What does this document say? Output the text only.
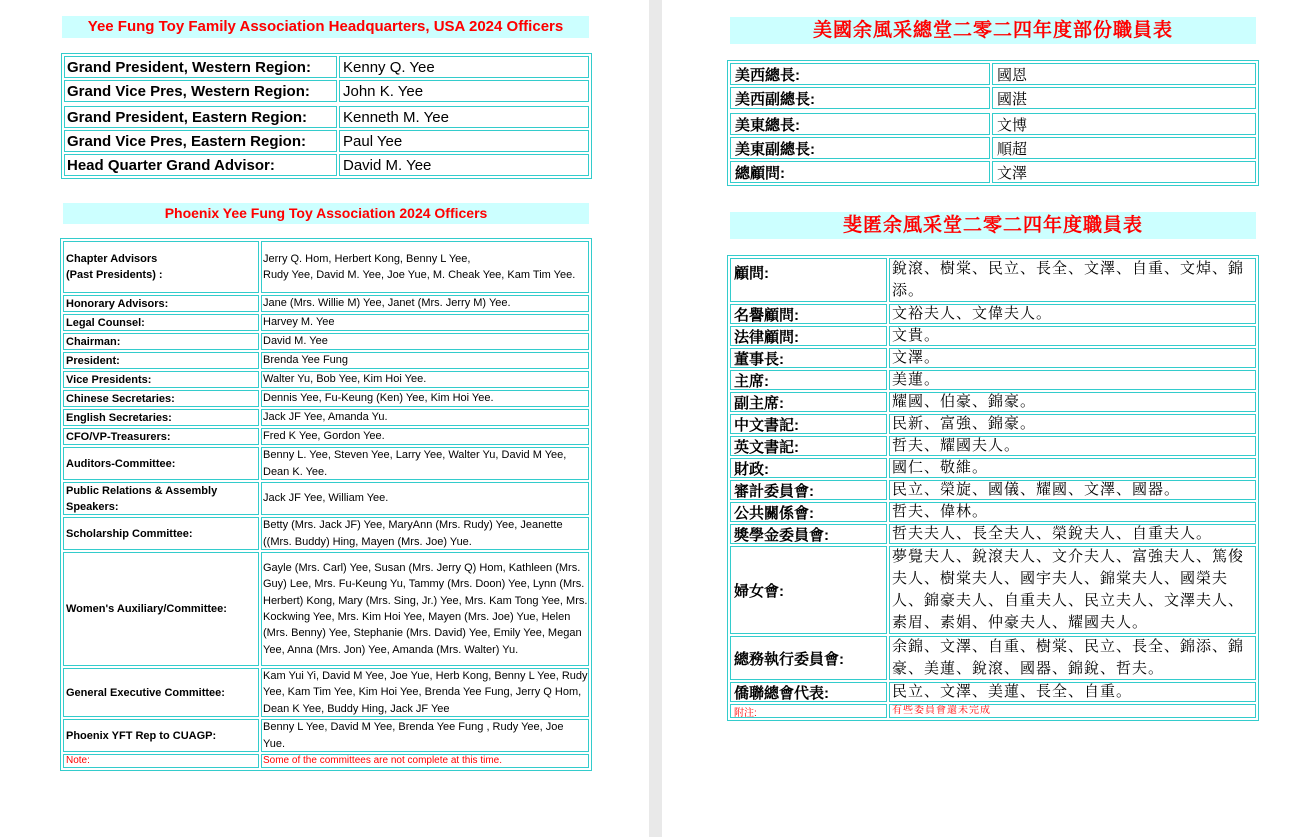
Yee Fung Toy Family Association Headquarters, USA 2024 Officers
Grand President, Western Region:	Kenny Q. Yee
Grand Vice Pres, Western Region:	John K. Yee
Grand President, Eastern Region:	Kenneth M. Yee
Grand Vice Pres, Eastern Region:	Paul Yee
Head Quarter Grand Advisor:	David M. Yee
Phoenix Yee Fung Toy Association 2024 Officers
Chapter Advisors
(Past Presidents) :
Jerry Q. Hom, Herbert Kong, Benny L Yee,
Rudy Yee, David M. Yee, Joe Yue, M. Cheak Yee, Kam Tim Yee.
Honorary Advisors:	Jane (Mrs. Willie M) Yee, Janet (Mrs. Jerry M) Yee.
Legal Counsel:	Harvey M. Yee
Chairman:	David M. Yee
President:	Brenda Yee Fung
Vice Presidents:	Walter Yu, Bob Yee, Kim Hoi Yee.
Chinese Secretaries:	Dennis Yee, Fu-Keung (Ken) Yee, Kim Hoi Yee.
English Secretaries:	Jack JF Yee, Amanda Yu.
CFO/VP-Treasurers:	Fred K Yee, Gordon Yee.
Auditors-Committee:
Benny L. Yee, Steven Yee, Larry Yee, Walter Yu, David M Yee, Dean K. Yee.
Public Relations & Assembly Speakers:
Jack JF Yee, William Yee.
Scholarship Committee:
Betty (Mrs. Jack JF) Yee, MaryAnn (Mrs. Rudy) Yee, Jeanette ((Mrs. Buddy) Hing, Mayen (Mrs. Joe) Yue.
Women's Auxiliary/Committee:
Gayle (Mrs. Carl) Yee, Susan (Mrs. Jerry Q) Hom, Kathleen (Mrs. Guy) Lee, Mrs. Fu-Keung Yu, Tammy (Mrs. Doon) Yee, Lynn (Mrs. Herbert) Kong, Mary (Mrs. Sing, Jr.) Yee, Mrs. Kam Tong Yee, Mrs. Kockwing Yee, Mrs. Kim Hoi Yee, Mayen (Mrs. Joe) Yue, Helen (Mrs. Benny) Yee, Stephanie (Mrs. David) Yee, Emily Yee, Megan Yee, Anna (Mrs. Jon) Yee, Amanda (Mrs. Walter) Yu.
General Executive Committee:
Kam Yui Yi, David M Yee, Joe Yue, Herb Kong, Benny L Yee, Rudy Yee, Kam Tim Yee, Kim Hoi Yee, Brenda Yee Fung, Jerry Q Hom, Dean K Yee, Buddy Hing, Jack JF Yee
Phoenix YFT Rep to CUAGP:
Benny L Yee, David M Yee, Brenda Yee Fung , Rudy Yee, Joe Yue.
Note:	Some of the committees are not complete at this time.
美國余風采總堂二零二四年度部份職員表
美西總長:	國恩
美西副總長:	國湛
美東總長:	文博
美東副總長:	順超
總顧問:	文澤
斐匿余風采堂二零二四年度職員表
顧問:	銳滾、樹棠、民立、長全、文澤、自重、文焯、錦添。
名譽顧問:	文裕夫人、文偉夫人。
法律顧問:	文貴。
董事長:	文澤。
主席:	美蓮。
副主席:	耀國、伯豪、錦豪。
中文書記:	民新、富強、錦豪。
英文書記:	哲夫、耀國夫人。
財政:	國仁、敬維。
審計委員會:	民立、榮旋、國儀、耀國、文澤、國器。
公共關係會:	哲夫、偉林。
獎學金委員會:	哲夫夫人、長全夫人、榮銳夫人、自重夫人。
婦女會:
夢覺夫人、銳滾夫人、文介夫人、富強夫人、篤俊夫人、樹棠夫人、國宇夫人、錦棠夫人、國榮夫人、錦豪夫人、自重夫人、民立夫人、文澤夫人、素眉、素娟、仲豪夫人、耀國夫人。
總務執行委員會:
余錦、文澤、自重、樹棠、民立、長全、錦添、錦豪、美蓮、銳滾、國器、錦銳、哲夫。
僑聯總會代表:	民立、文澤、美蓮、長全、自重。
附注:	有些委員會還未完成
